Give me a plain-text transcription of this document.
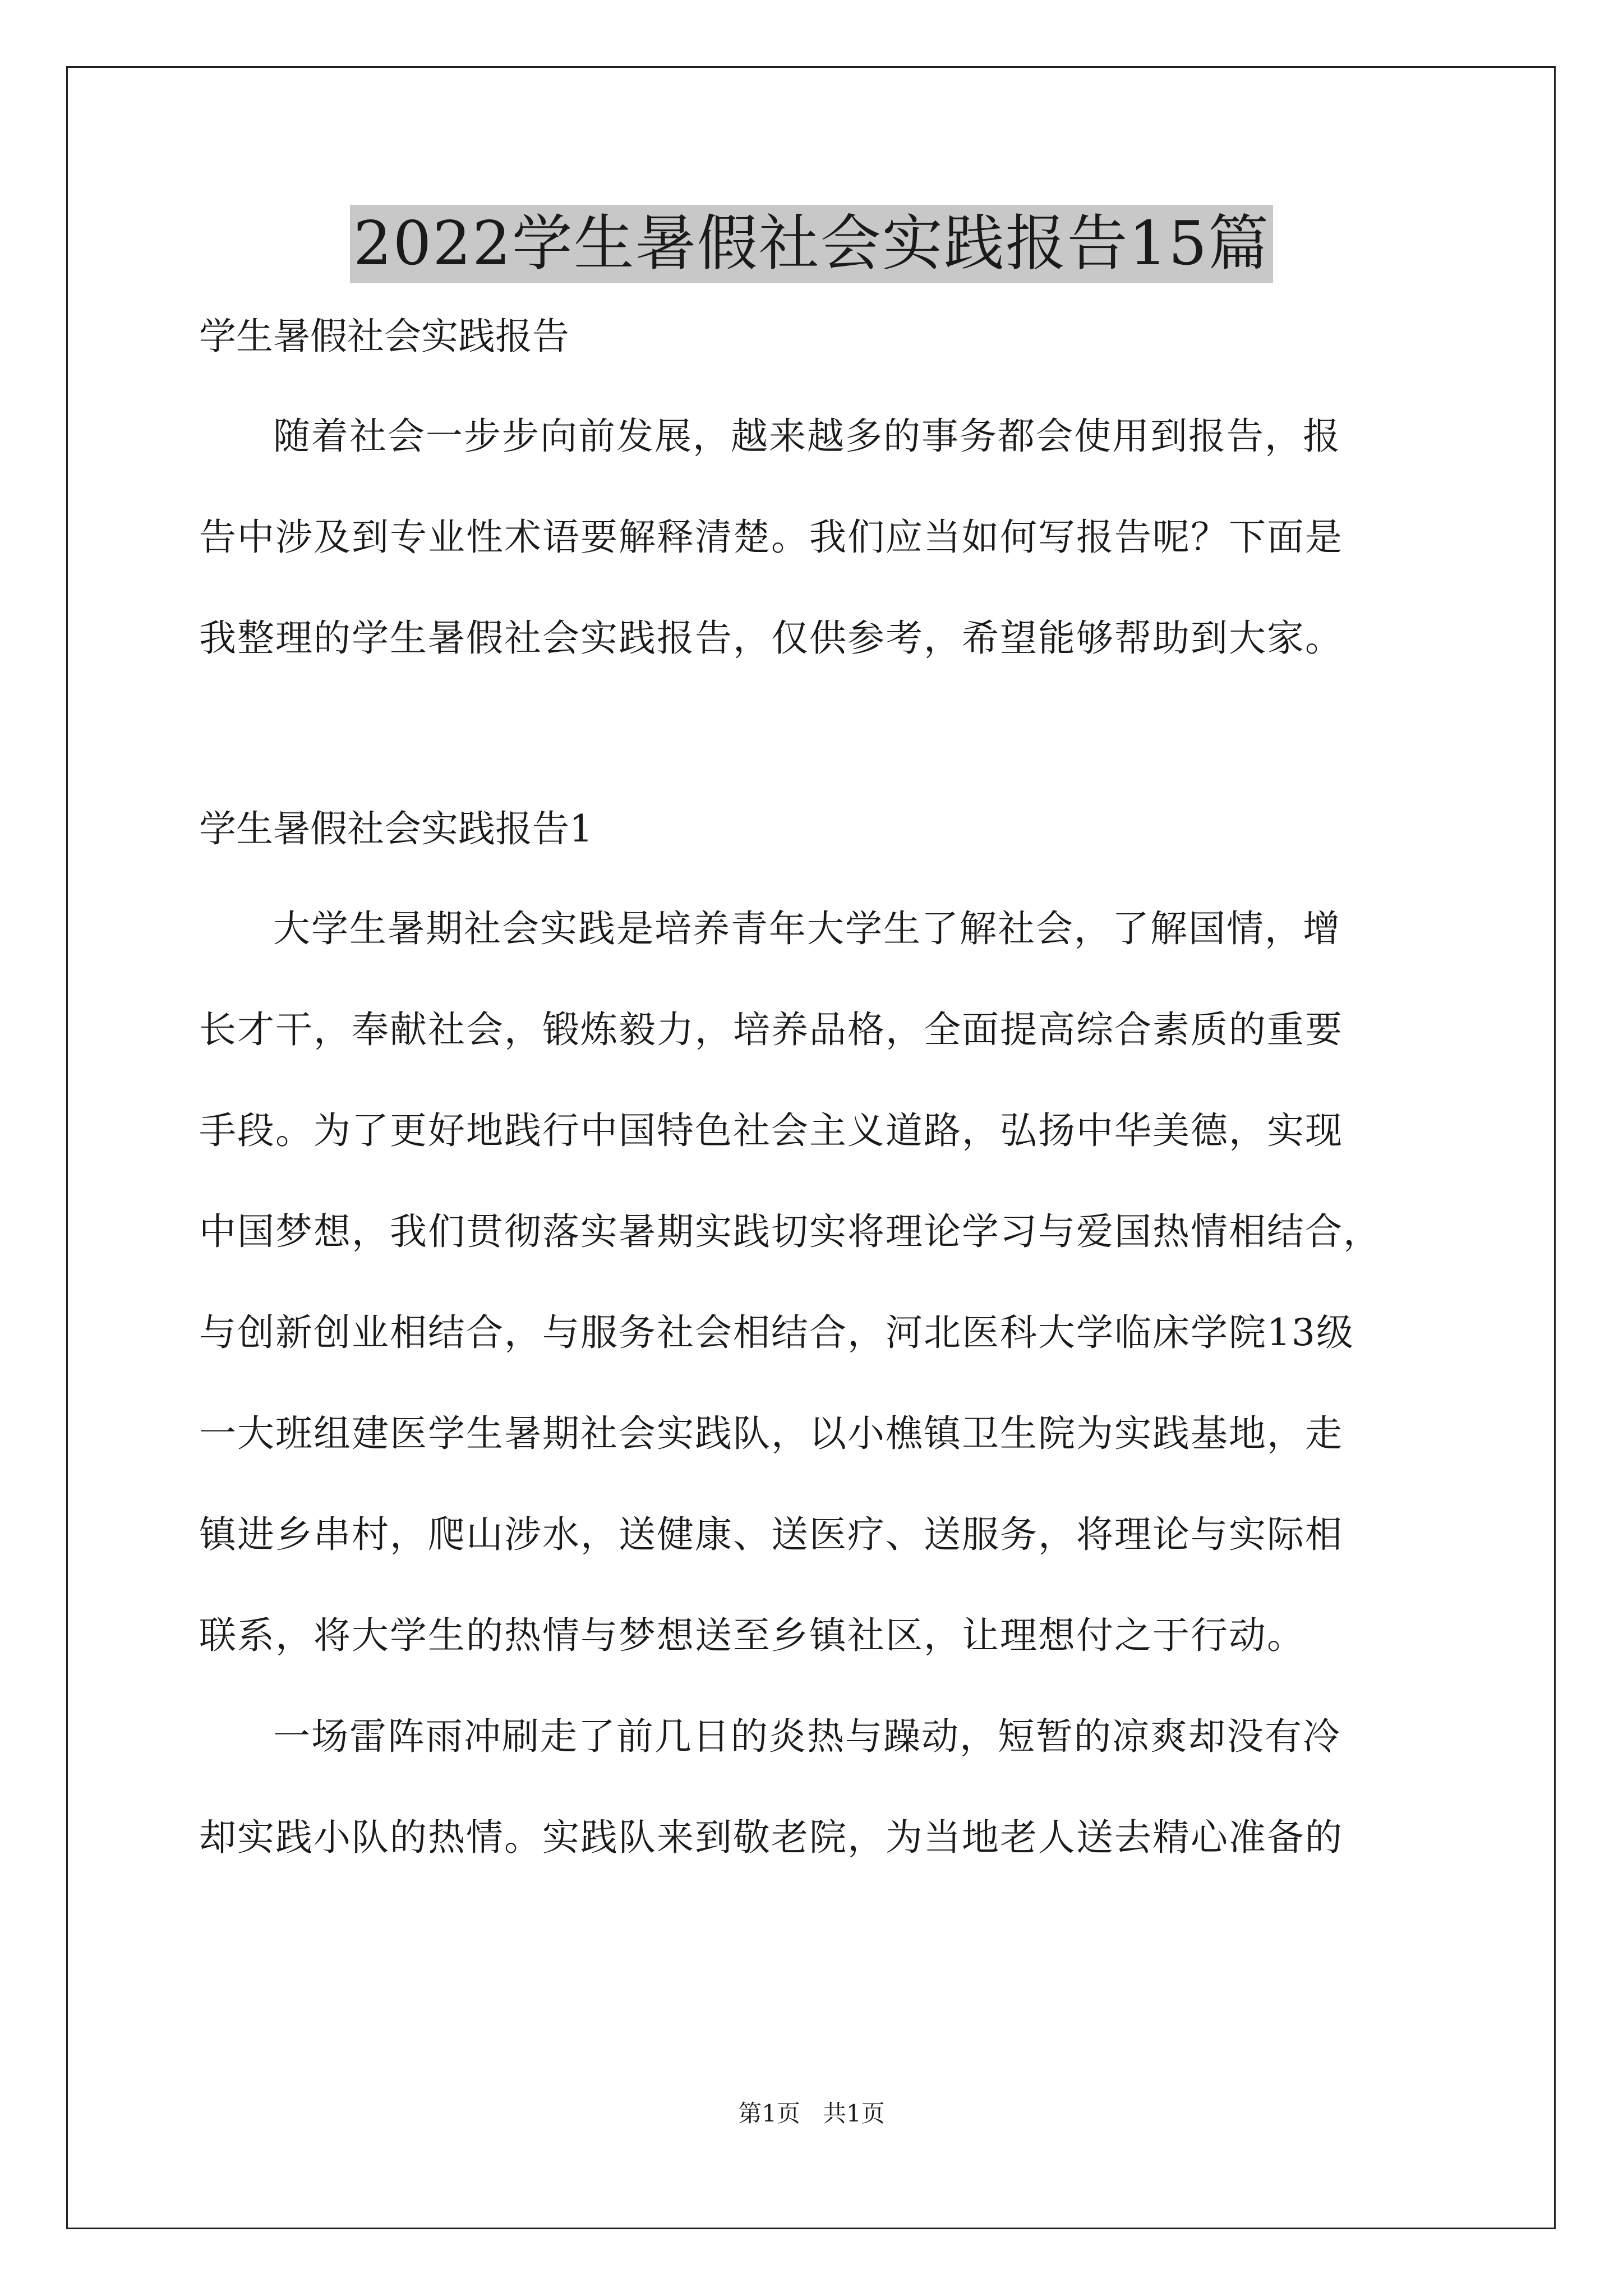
2022学生暑假社会实践报告15篇
学生暑假社会实践报告
随着社会一步步向前发展，越来越多的事务都会使用到报告，报
告中涉及到专业性术语要解释清楚。我们应当如何写报告呢？下面是
我整理的学生暑假社会实践报告，仅供参考，希望能够帮助到大家。
学生暑假社会实践报告1
大学生暑期社会实践是培养青年大学生了解社会，了解国情，增
长才干，奉献社会，锻炼毅力，培养品格，全面提高综合素质的重要
手段。为了更好地践行中国特色社会主义道路，弘扬中华美德，实现
中国梦想，我们贯彻落实暑期实践切实将理论学习与爱国热情相结合，
与创新创业相结合，与服务社会相结合，河北医科大学临床学院13级
一大班组建医学生暑期社会实践队，以小樵镇卫生院为实践基地，走
镇进乡串村，爬山涉水，送健康、送医疗、送服务，将理论与实际相
联系，将大学生的热情与梦想送至乡镇社区，让理想付之于行动。
一场雷阵雨冲刷走了前几日的炎热与躁动，短暂的凉爽却没有冷
却实践小队的热情。实践队来到敬老院，为当地老人送去精心准备的
第1页   共1页
